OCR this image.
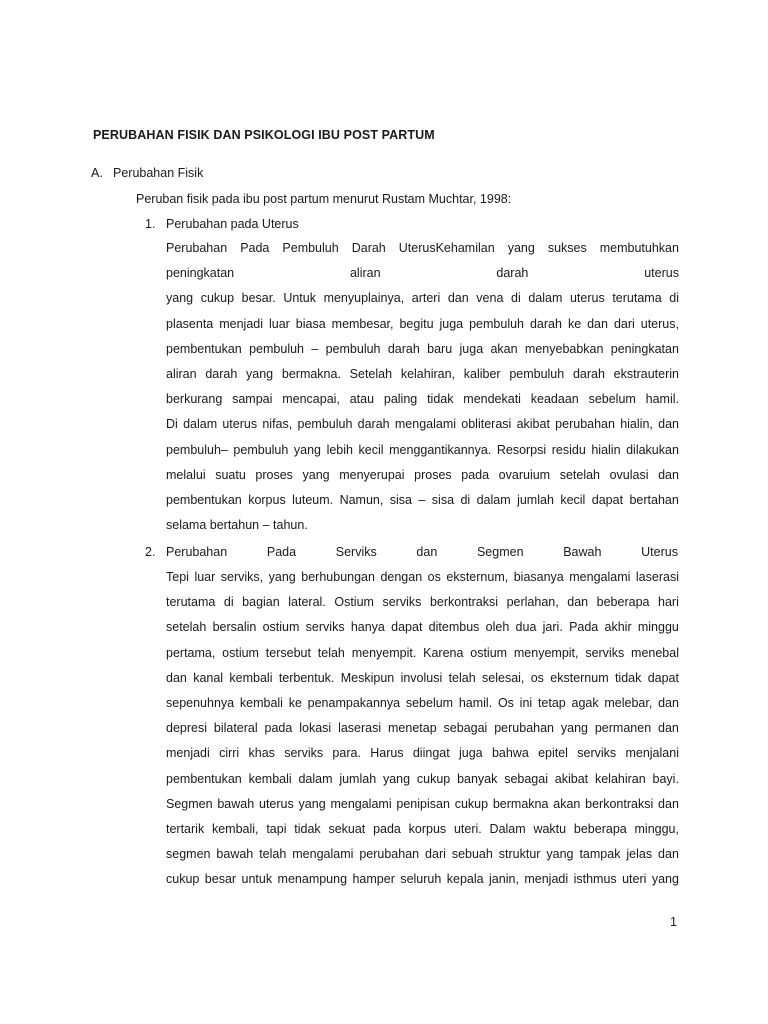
PERUBAHAN FISIK DAN PSIKOLOGI IBU POST PARTUM
A. Perubahan Fisik
Peruban fisik pada ibu post partum menurut Rustam Muchtar, 1998:
1. Perubahan pada Uterus
Perubahan Pada Pembuluh Darah UterusKehamilan yang sukses membutuhkan
peningkatan	aliran	darah	uterus
yang cukup besar. Untuk menyuplainya, arteri dan vena di dalam uterus terutama di
plasenta menjadi luar biasa membesar, begitu juga pembuluh darah ke dan dari uterus,
pembentukan pembuluh – pembuluh darah baru juga akan menyebabkan peningkatan
aliran darah yang bermakna. Setelah kelahiran, kaliber pembuluh darah ekstrauterin
berkurang sampai mencapai, atau paling tidak mendekati keadaan sebelum hamil.
Di dalam uterus nifas, pembuluh darah mengalami obliterasi akibat perubahan hialin, dan
pembuluh– pembuluh yang lebih kecil menggantikannya. Resorpsi residu hialin dilakukan
melalui suatu proses yang menyerupai proses pada ovaruium setelah ovulasi dan
pembentukan korpus luteum. Namun, sisa – sisa di dalam jumlah kecil dapat bertahan
selama bertahun – tahun.
2. Perubahan	Pada	Serviks	dan	Segmen	Bawah	Uterus
Tepi luar serviks, yang berhubungan dengan os eksternum, biasanya mengalami laserasi
terutama di bagian lateral. Ostium serviks berkontraksi perlahan, dan beberapa hari
setelah bersalin ostium serviks hanya dapat ditembus oleh dua jari. Pada akhir minggu
pertama, ostium tersebut telah menyempit. Karena ostium menyempit, serviks menebal
dan kanal kembali terbentuk. Meskipun involusi telah selesai, os eksternum tidak dapat
sepenuhnya kembali ke penampakannya sebelum hamil. Os ini tetap agak melebar, dan
depresi bilateral pada lokasi laserasi menetap sebagai perubahan yang permanen dan
menjadi cirri khas serviks para. Harus diingat juga bahwa epitel serviks menjalani
pembentukan kembali dalam jumlah yang cukup banyak sebagai akibat kelahiran bayi.
Segmen bawah uterus yang mengalami penipisan cukup bermakna akan berkontraksi dan
tertarik kembali, tapi tidak sekuat pada korpus uteri. Dalam waktu beberapa minggu,
segmen bawah telah mengalami perubahan dari sebuah struktur yang tampak jelas dan
cukup besar untuk menampung hamper seluruh kepala janin, menjadi isthmus uteri yang
1
